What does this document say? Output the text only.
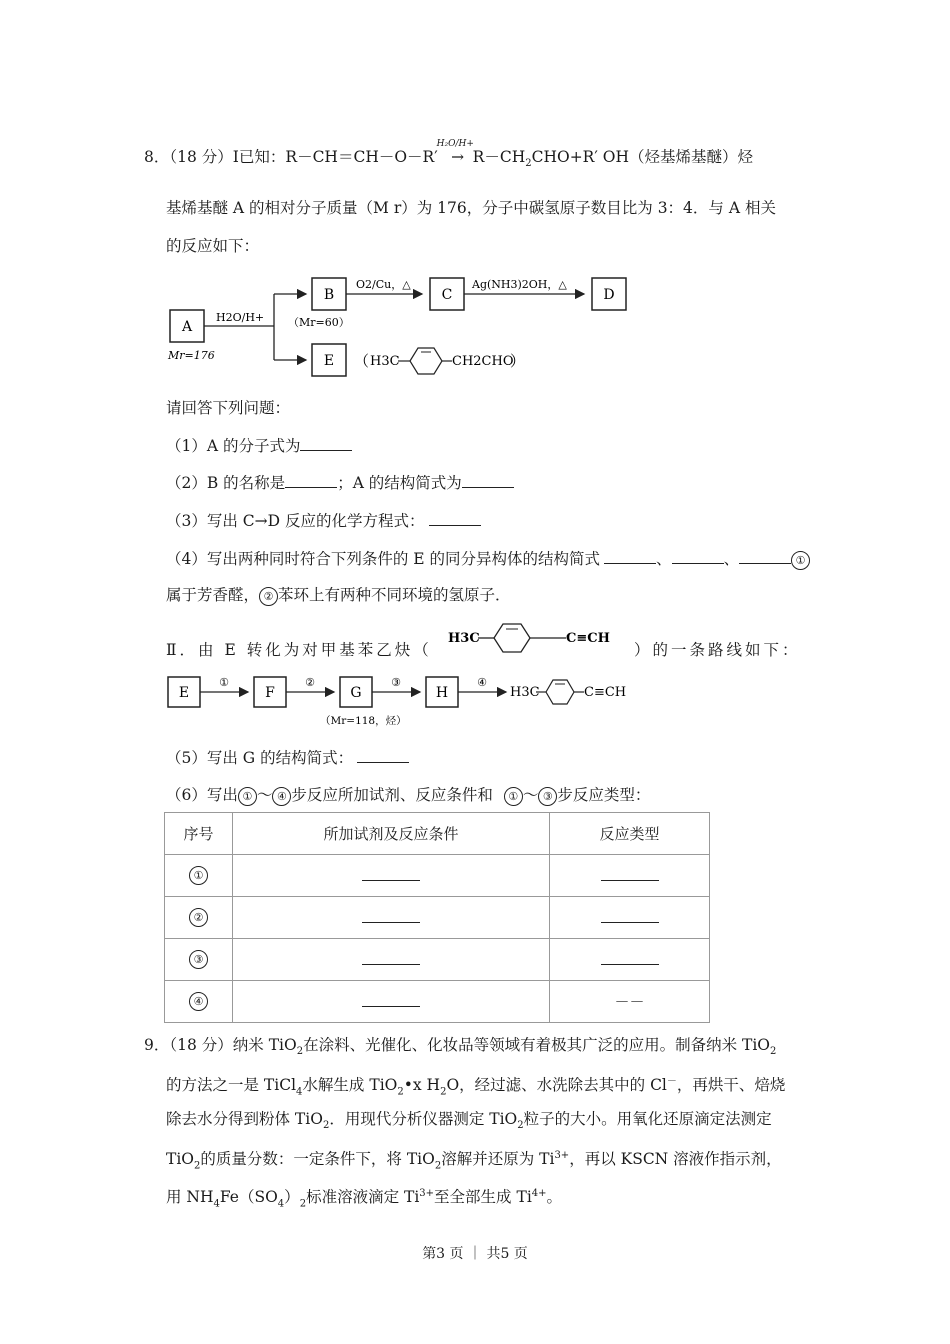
8．（18 分）Ⅰ已知：R－CH＝CH－O－R′
H₂O/H+
→ $R-CH_2CHO+R'$ OH（烃基烯基醚）烃
基烯基醚 A 的相对分子质量（M r）为 176，分子中碳氢原子数目比为 3：4．与 A 相关
的反应如下：
A
Mr=176
H2O/H+
B
（Mr=60）
O2/Cu，△
C
Ag(NH3)2OH，△
D
E （ H3C	CH2CHO
）
请回答下列问题：
（1）A 的分子式为
（2）B 的名称是	；A 的结构简式为
（3）写出 C→D 反应的化学方程式：
（4）写出两种同时符合下列条件的 E 的同分异构体的结构简式	、	、	①
属于芳香醛， ② 苯环上有两种不同环境的氢原子．
Ⅱ．由 E 转化为对甲基苯乙炔（
H3C	C≡CH
）的一条路线如下：
E
①
F
②
G
（Mr=118，烃）
③
H
④
H3C	C≡CH
（5）写出 G 的结构简式：
（6）写出 ① ～ ④ 步反应所加试剂、反应条件和 ① ～ ③ 步反应类型：
序号	所加试剂及反应条件	反应类型
①		
②		
③		
④		－－
9．（18 分）纳米 TiO$_2$在涂料、光催化、化妆品等领域有着极其广泛的应用。制备纳米 TiO$_2$
的方法之一是 TiCl$_4$水解生成 TiO$_2$•x $H_2O$，经过滤、水洗除去其中的 Cl－，再烘干、焙烧
除去水分得到粉体 TiO$_2$．用现代分析仪器测定 TiO$_2$粒子的大小。用氧化还原滴定法测定
TiO$_2$的质量分数：一定条件下，将 TiO$_2$溶解并还原为 $Ti^{3+}$，再以 KSCN 溶液作指示剂，
用 $NH_4Fe(SO_4)_2$标准溶液滴定 $Ti^{3+}$至全部生成 $Ti^{4+}$。
第3 页 ｜ 共5 页
